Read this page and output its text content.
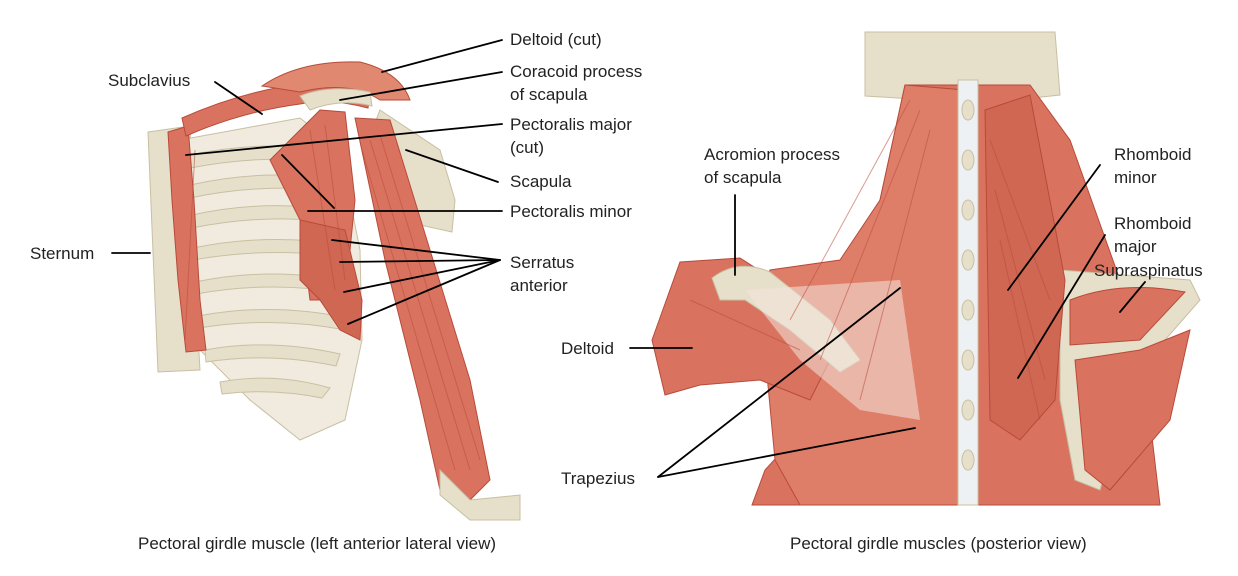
Subclavius
Sternum
Deltoid (cut)
Coracoid process
of scapula
Pectoralis major
(cut)
Scapula
Pectoralis minor
Serratus
anterior
Pectoral girdle muscle (left anterior lateral view)
Acromion process
of scapula
Deltoid
Trapezius
Rhomboid
minor
Rhomboid
major
Supraspinatus
Pectoral girdle muscles (posterior view)
